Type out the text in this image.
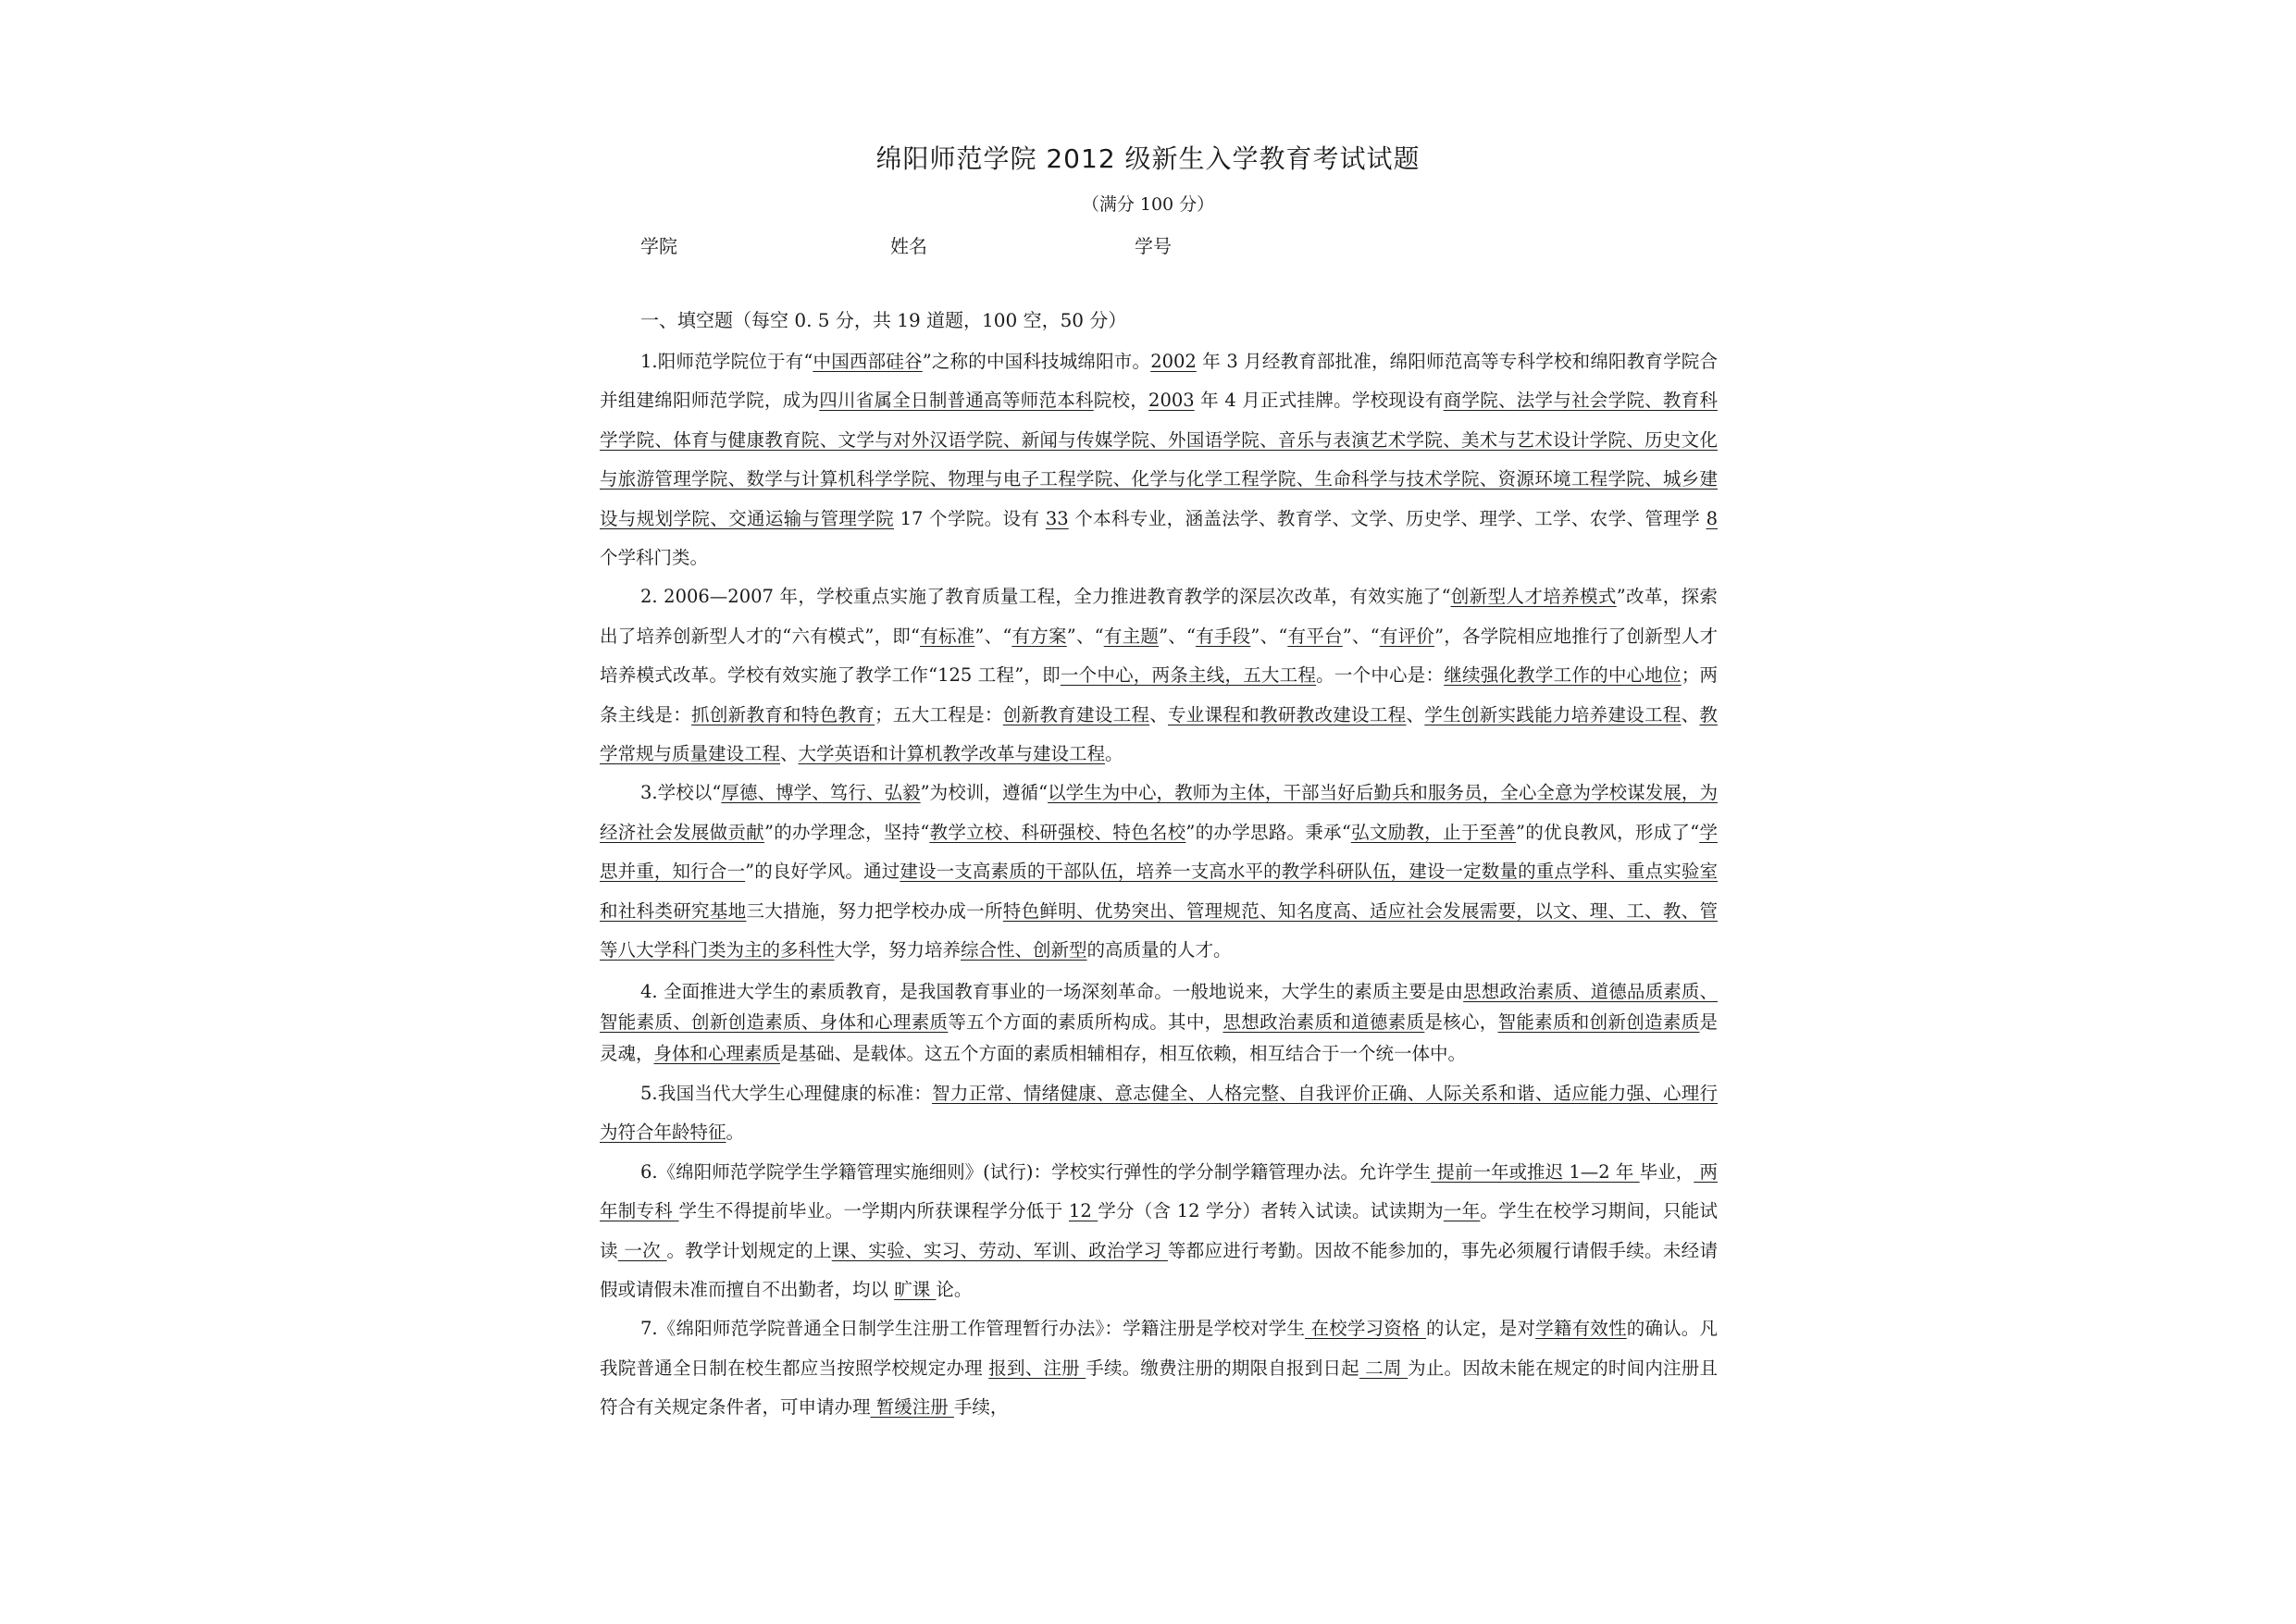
绵阳师范学院 2012 级新生入学教育考试试题
（满分 100 分）
学院	姓名	学号
一、填空题（每空 0. 5 分，共 19 道题，100 空，50 分）

1.阳师范学院位于有“中国西部硅谷”之称的中国科技城绵阳市。2002 年 3 月经教育部批准，绵阳师范高等专科学校和绵阳教育学院合并组建绵阳师范学院，成为四川省属全日制普通高等师范本科院校，2003 年 4 月正式挂牌。学校现设有商学院、法学与社会学院、教育科学学院、体育与健康教育院、文学与对外汉语学院、新闻与传媒学院、外国语学院、音乐与表演艺术学院、美术与艺术设计学院、历史文化与旅游管理学院、数学与计算机科学学院、物理与电子工程学院、化学与化学工程学院、生命科学与技术学院、资源环境工程学院、城乡建设与规划学院、交通运输与管理学院 17 个学院。设有 33 个本科专业，涵盖法学、教育学、文学、历史学、理学、工学、农学、管理学 8 个学科门类。

2. 2006—2007 年，学校重点实施了教育质量工程，全力推进教育教学的深层次改革，有效实施了“创新型人才培养模式”改革，探索出了培养创新型人才的“六有模式”，即“有标准”、“有方案”、“有主题”、“有手段”、“有平台”、“有评价”，各学院相应地推行了创新型人才培养模式改革。学校有效实施了教学工作“125 工程”，即一个中心，两条主线，五大工程。一个中心是：继续强化教学工作的中心地位；两条主线是：抓创新教育和特色教育；五大工程是：创新教育建设工程、专业课程和教研教改建设工程、学生创新实践能力培养建设工程、教学常规与质量建设工程、大学英语和计算机教学改革与建设工程。

3.学校以“厚德、博学、笃行、弘毅”为校训，遵循“以学生为中心，教师为主体，干部当好后勤兵和服务员，全心全意为学校谋发展，为经济社会发展做贡献”的办学理念，坚持“教学立校、科研强校、特色名校”的办学思路。秉承“弘文励教，止于至善”的优良教风，形成了“学思并重，知行合一”的良好学风。通过建设一支高素质的干部队伍，培养一支高水平的教学科研队伍，建设一定数量的重点学科、重点实验室和社科类研究基地三大措施，努力把学校办成一所特色鲜明、优势突出、管理规范、知名度高、适应社会发展需要，以文、理、工、教、管等八大学科门类为主的多科性大学，努力培养综合性、创新型的高质量的人才。

4. 全面推进大学生的素质教育，是我国教育事业的一场深刻革命。一般地说来，大学生的素质主要是由思想政治素质、道德品质素质、智能素质、创新创造素质、身体和心理素质等五个方面的素质所构成。其中，思想政治素质和道德素质是核心，智能素质和创新创造素质是灵魂，身体和心理素质是基础、是载体。这五个方面的素质相辅相存，相互依赖，相互结合于一个统一体中。

5.我国当代大学生心理健康的标准：智力正常、情绪健康、意志健全、人格完整、自我评价正确、人际关系和谐、适应能力强、心理行为符合年龄特征。

6.《绵阳师范学院学生学籍管理实施细则》(试行)：学校实行弹性的学分制学籍管理办法。允许学生 提前一年或推迟 1—2 年 毕业， 两年制专科 学生不得提前毕业。一学期内所获课程学分低于 12 学分（含 12 学分）者转入试读。试读期为一年。学生在校学习期间，只能试读 一次 。教学计划规定的上课、实验、实习、劳动、军训、政治学习 等都应进行考勤。因故不能参加的，事先必须履行请假手续。未经请假或请假未准而擅自不出勤者，均以 旷课 论。

7.《绵阳师范学院普通全日制学生注册工作管理暂行办法》：学籍注册是学校对学生 在校学习资格 的认定，是对学籍有效性的确认。凡我院普通全日制在校生都应当按照学校规定办理 报到、注册 手续。缴费注册的期限自报到日起 二周 为止。因故未能在规定的时间内注册且符合有关规定条件者，可申请办理 暂缓注册 手续，
